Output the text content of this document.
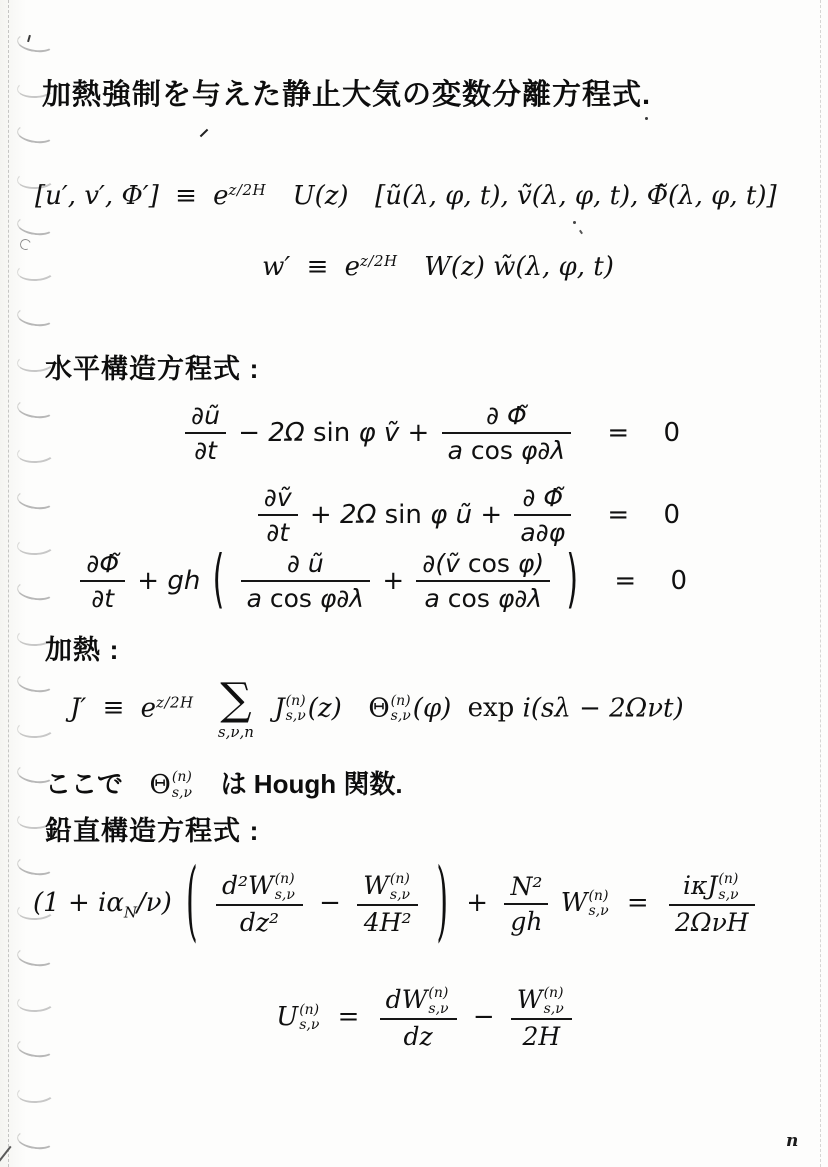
加熱強制を与えた静止大気の変数分離方程式.
[u′, v′, $\Phi'] \equiv e^{z/2H}$ U(z) [ũ(λ, φ, t), ṽ(λ, φ, t), Φ̃(λ, φ, t)]
$w' \equiv e^{z/2H}$ W(z) w̃(λ, φ, t)
水平構造方程式 :
$\frac{\partial ũ}{\partial t} - 2\Omega$ sin φ ṽ + $\frac{\partial \Phĩ}{\text{a cos φ∂λ}} = 0$
$\frac{\text{∂ṽ}}{\partial t} + 2\Omega$ sin φ ũ + $\frac{\partial \Phĩ}{a\partial\varphi} = 0$
$\frac{\partial\Phĩ}{\partial t}$ + gh ( $\frac{\partial ũ}{\text{a cos φ∂λ}} + \frac{\text{∂(ṽ cos φ)}}{\text{a cos φ∂λ}}$ ) = 0
加熱 :
$J' \equiv e^{z/2H}$ ∑
s,ν,n
J (n)
s,ν (z) Θ (n)
s,ν (φ) exp i(sλ − 2Ωνt)
ここで Θ (n)
s,ν は Hough 関数.
鉛直構造方程式 :
$(1 + i\alpha_N/\nu)$ ( d²W (n)
s,ν
dz² − W (n)
s,ν
4H² ) + $\frac{\text{N²}}{gh}$ W (n)
s,ν = iκJ (n)
s,ν
2ΩνH
U (n)
s,ν = dW (n)
s,ν
dz − W (n)
s,ν
2H
n
